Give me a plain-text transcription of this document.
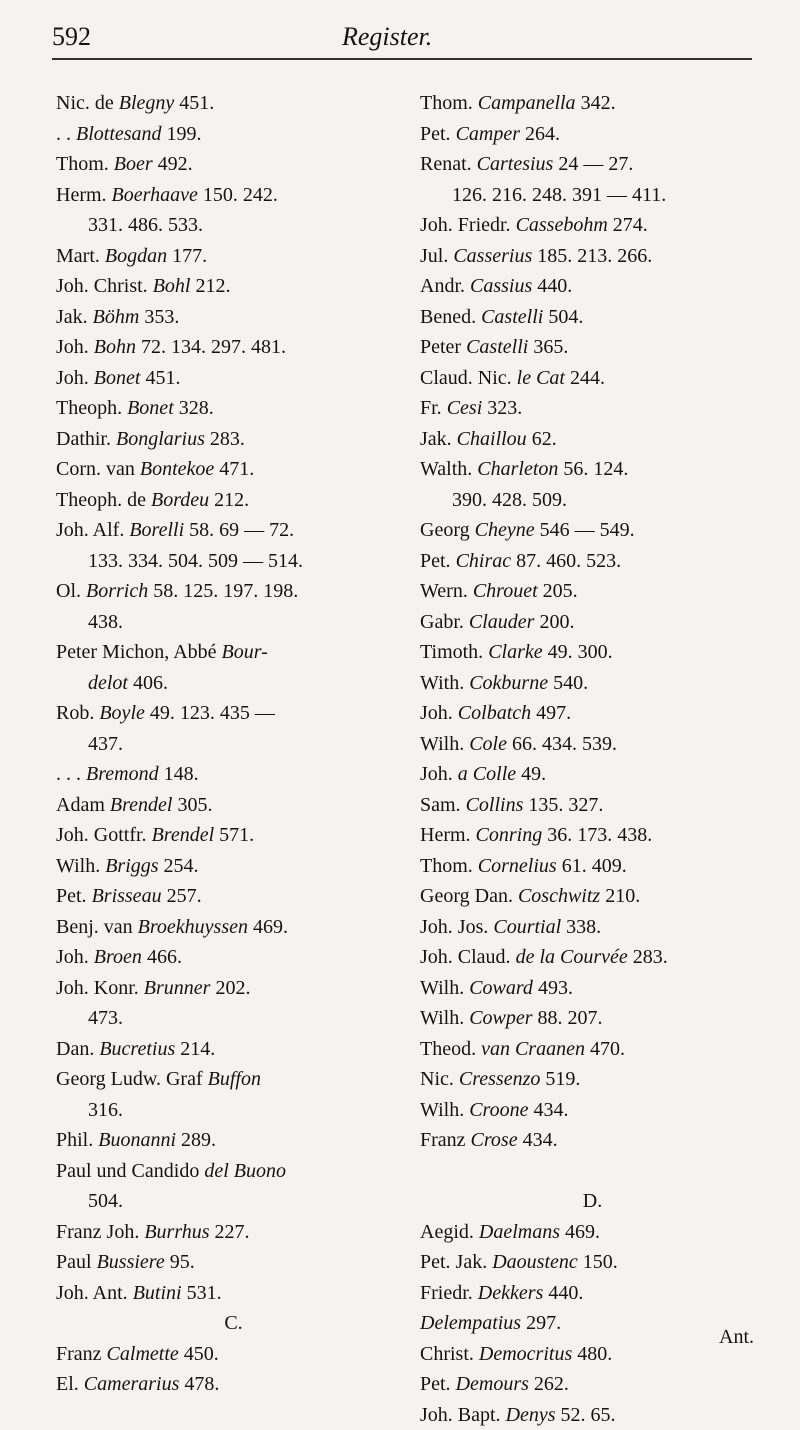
592	Register.
Nic. de Blegny 451.
. . Blottesand 199.
Thom. Boer 492.
Herm. Boerhaave 150. 242.
331. 486. 533.
Mart. Bogdan 177.
Joh. Christ. Bohl 212.
Jak. Böhm 353.
Joh. Bohn 72. 134. 297. 481.
Joh. Bonet 451.
Theoph. Bonet 328.
Dathir. Bonglarius 283.
Corn. van Bontekoe 471.
Theoph. de Bordeu 212.
Joh. Alf. Borelli 58. 69 — 72.
133. 334. 504. 509 — 514.
Ol. Borrich 58. 125. 197. 198.
438.
Peter Michon, Abbé Bour-
delot 406.
Rob. Boyle 49. 123. 435 —
437.
. . . Bremond 148.
Adam Brendel 305.
Joh. Gottfr. Brendel 571.
Wilh. Briggs 254.
Pet. Brisseau 257.
Benj. van Broekhuyssen 469.
Joh. Broen 466.
Joh. Konr. Brunner 202.
473.
Dan. Bucretius 214.
Georg Ludw. Graf Buffon
316.
Phil. Buonanni 289.
Paul und Candido del Buono
504.
Franz Joh. Burrhus 227.
Paul Bussiere 95.
Joh. Ant. Butini 531.
C.
Franz Calmette 450.
El. Camerarius 478.
Thom. Campanella 342.
Pet. Camper 264.
Renat. Cartesius 24 — 27.
126. 216. 248. 391 — 411.
Joh. Friedr. Cassebohm 274.
Jul. Casserius 185. 213. 266.
Andr. Cassius 440.
Bened. Castelli 504.
Peter Castelli 365.
Claud. Nic. le Cat 244.
Fr. Cesi 323.
Jak. Chaillou 62.
Walth. Charleton 56. 124.
390. 428. 509.
Georg Cheyne 546 — 549.
Pet. Chirac 87. 460. 523.
Wern. Chrouet 205.
Gabr. Clauder 200.
Timoth. Clarke 49. 300.
With. Cokburne 540.
Joh. Colbatch 497.
Wilh. Cole 66. 434. 539.
Joh. a Colle 49.
Sam. Collins 135. 327.
Herm. Conring 36. 173. 438.
Thom. Cornelius 61. 409.
Georg Dan. Coschwitz 210.
Joh. Jos. Courtial 338.
Joh. Claud. de la Courvée 283.
Wilh. Coward 493.
Wilh. Cowper 88. 207.
Theod. van Craanen 470.
Nic. Cressenzo 519.
Wilh. Croone 434.
Franz Crose 434.
D.
Aegid. Daelmans 469.
Pet. Jak. Daoustenc 150.
Friedr. Dekkers 440.
Delempatius 297.
Christ. Democritus 480.
Pet. Demours 262.
Joh. Bapt. Denys 52. 65.
Ant.
